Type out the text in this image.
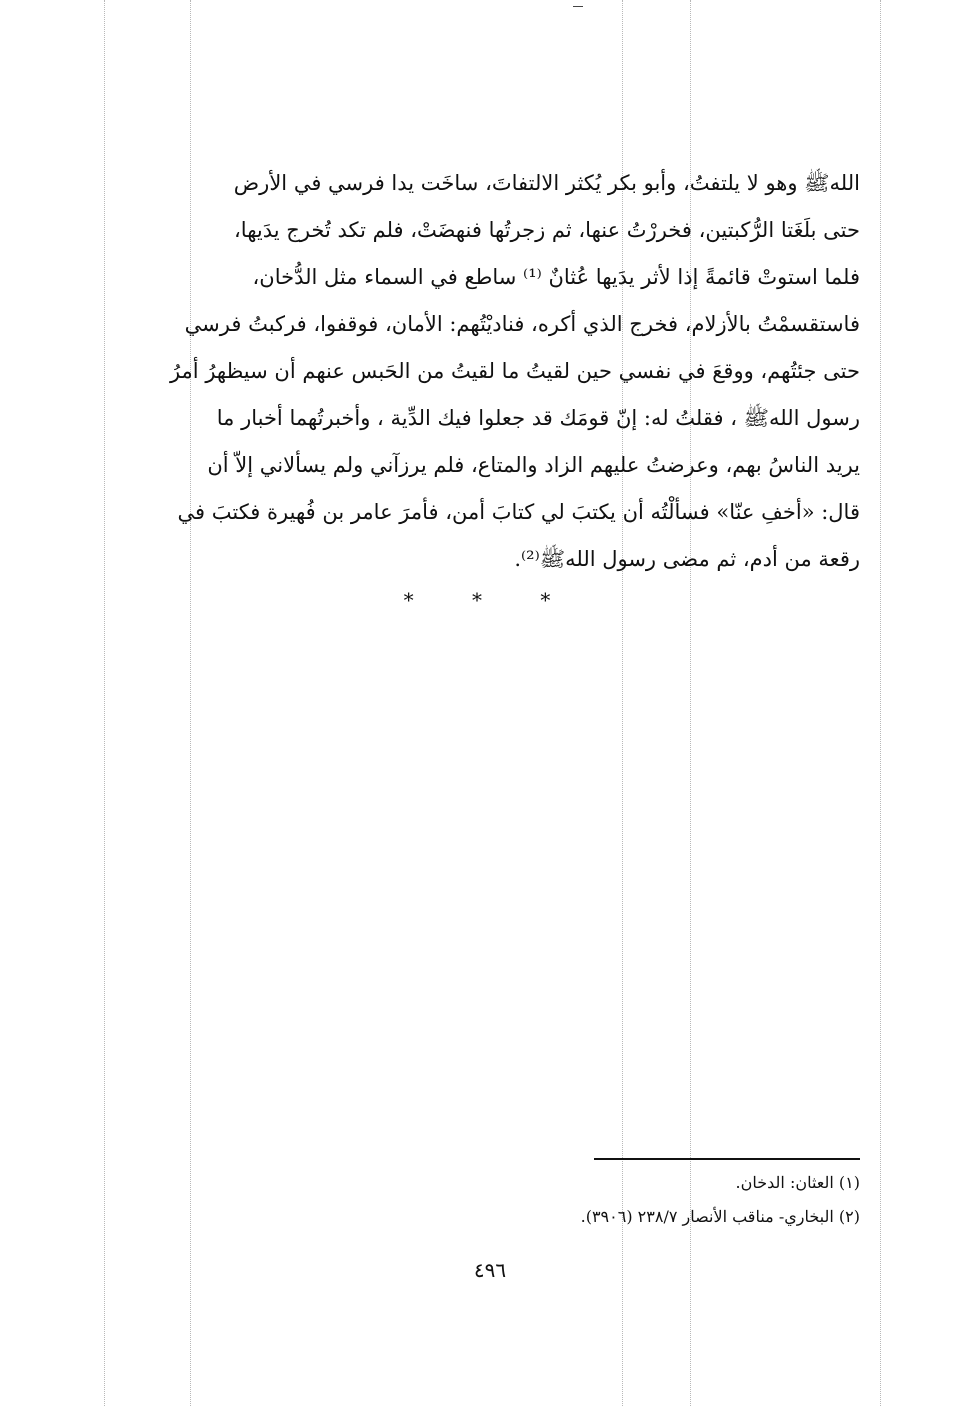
اللهﷺ وهو لا يلتفتُ، وأبو بكر يُكثر الالتفاتَ، ساخَت يدا فرسي في الأرض
حتى بلَغَتا الرُّكبتين، فخررْتُ عنها، ثم زجرتُها فنهضَتْ، فلم تكد تُخرج يدَيها،
فلما استوتْ قائمةً إذا لأثر يدَيها عُثانٌ ⁽¹⁾ ساطع في السماء مثل الدُّخان،
فاستقسمْتُ بالأزلام، فخرج الذي أكره، فناديْتُهم: الأمان، فوقفوا، فركبتُ فرسي
حتى جئتُهم، ووقعَ في نفسي حين لقيتُ ما لقيتُ من الحَبس عنهم أن سيظهرُ أمرُ
رسول اللهﷺ ، فقلتُ له: إنّ قومَك قد جعلوا فيك الدِّية ، وأخبرتُهما أخبار ما
يريد الناسُ بهم، وعرضتُ عليهم الزاد والمتاع، فلم يرزآني ولم يسألاني إلاّ أن
قال: «أخفِ عنّا» فسألْتُه أن يكتبَ لي كتابَ أمن، فأمرَ عامر بن فُهيرة فكتبَ في
رقعة من أدم، ثم مضى رسول اللهﷺ⁽²⁾.
* * *
(١) العثان: الدخان.
(٢) البخاري- مناقب الأنصار ٢٣٨/٧ (٣٩٠٦).
٤٩٦
